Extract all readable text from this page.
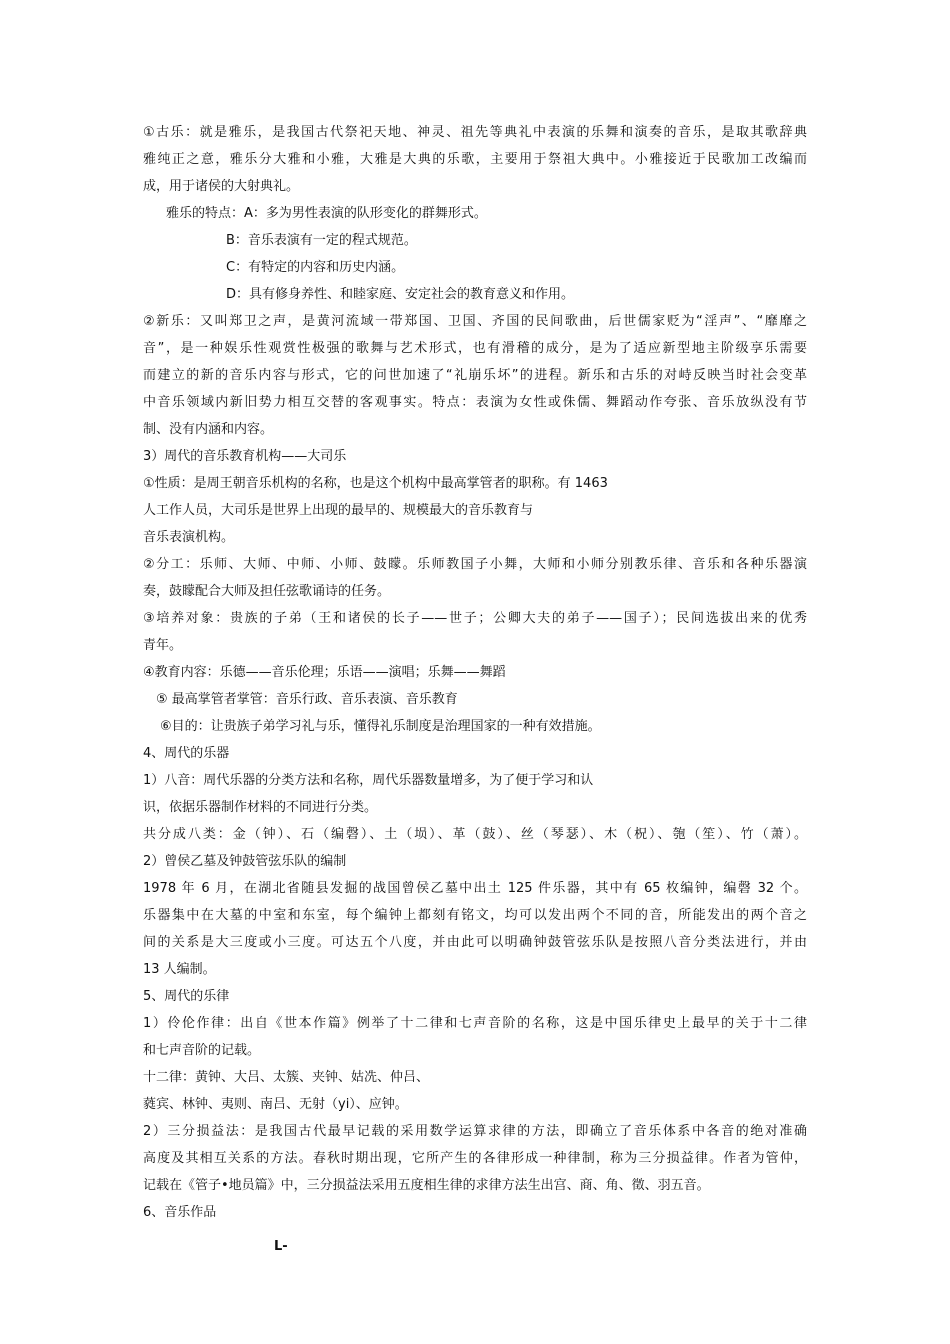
①古乐：就是雅乐，是我国古代祭祀天地、神灵、祖先等典礼中表演的乐舞和演奏的音乐，是取其歌辞典
雅纯正之意，雅乐分大雅和小雅，大雅是大典的乐歌，主要用于祭祖大典中。小雅接近于民歌加工改编而
成，用于诸侯的大射典礼。
雅乐的特点：A：多为男性表演的队形变化的群舞形式。
B：音乐表演有一定的程式规范。
C：有特定的内容和历史内涵。
D：具有修身养性、和睦家庭、安定社会的教育意义和作用。
②新乐：又叫郑卫之声，是黄河流域一带郑国、卫国、齐国的民间歌曲，后世儒家贬为“淫声”、“靡靡之
音”，是一种娱乐性观赏性极强的歌舞与艺术形式，也有滑稽的成分，是为了适应新型地主阶级享乐需要
而建立的新的音乐内容与形式，它的问世加速了“礼崩乐坏”的进程。新乐和古乐的对峙反映当时社会变革
中音乐领域内新旧势力相互交替的客观事实。特点：表演为女性或侏儒、舞蹈动作夸张、音乐放纵没有节
制、没有内涵和内容。
3）周代的音乐教育机构——大司乐
①性质：是周王朝音乐机构的名称，也是这个机构中最高掌管者的职称。有 1463
人工作人员，大司乐是世界上出现的最早的、规模最大的音乐教育与
音乐表演机构。
②分工：乐师、大师、中师、小师、鼓矇。乐师教国子小舞，大师和小师分别教乐律、音乐和各种乐器演
奏，鼓矇配合大师及担任弦歌诵诗的任务。
③培养对象：贵族的子弟（王和诸侯的长子——世子；公卿大夫的弟子——国子）；民间选拔出来的优秀
青年。
④教育内容：乐德——音乐伦理；乐语——演唱；乐舞——舞蹈
⑤ 最高掌管者掌管：音乐行政、音乐表演、音乐教育
⑥目的：让贵族子弟学习礼与乐，懂得礼乐制度是治理国家的一种有效措施。
4、周代的乐器
1）八音：周代乐器的分类方法和名称，周代乐器数量增多，为了便于学习和认
识，依据乐器制作材料的不同进行分类。
共分成八类：金（钟）、石（编磬）、土（埙）、革（鼓）、丝（琴瑟）、木（柷）、匏（笙）、竹（萧）。
2）曾侯乙墓及钟鼓管弦乐队的编制
1978 年 6 月，在湖北省随县发掘的战国曾侯乙墓中出土 125 件乐器，其中有 65 枚编钟，编磬 32 个。
乐器集中在大墓的中室和东室，每个编钟上都刻有铭文，均可以发出两个不同的音，所能发出的两个音之
间的关系是大三度或小三度。可达五个八度，并由此可以明确钟鼓管弦乐队是按照八音分类法进行，并由
13 人编制。
5、周代的乐律
1）伶伦作律：出自《世本作篇》例举了十二律和七声音阶的名称，这是中国乐律史上最早的关于十二律
和七声音阶的记载。
十二律：黄钟、大吕、太簇、夹钟、姑冼、仲吕、
蕤宾、林钟、夷则、南吕、无射（yi）、应钟。
2）三分损益法：是我国古代最早记载的采用数学运算求律的方法，即确立了音乐体系中各音的绝对准确
高度及其相互关系的方法。春秋时期出现，它所产生的各律形成一种律制，称为三分损益律。作者为管仲，
记载在《管子•地员篇》中，三分损益法采用五度相生律的求律方法生出宫、商、角、徵、羽五音。
6、音乐作品
L-
